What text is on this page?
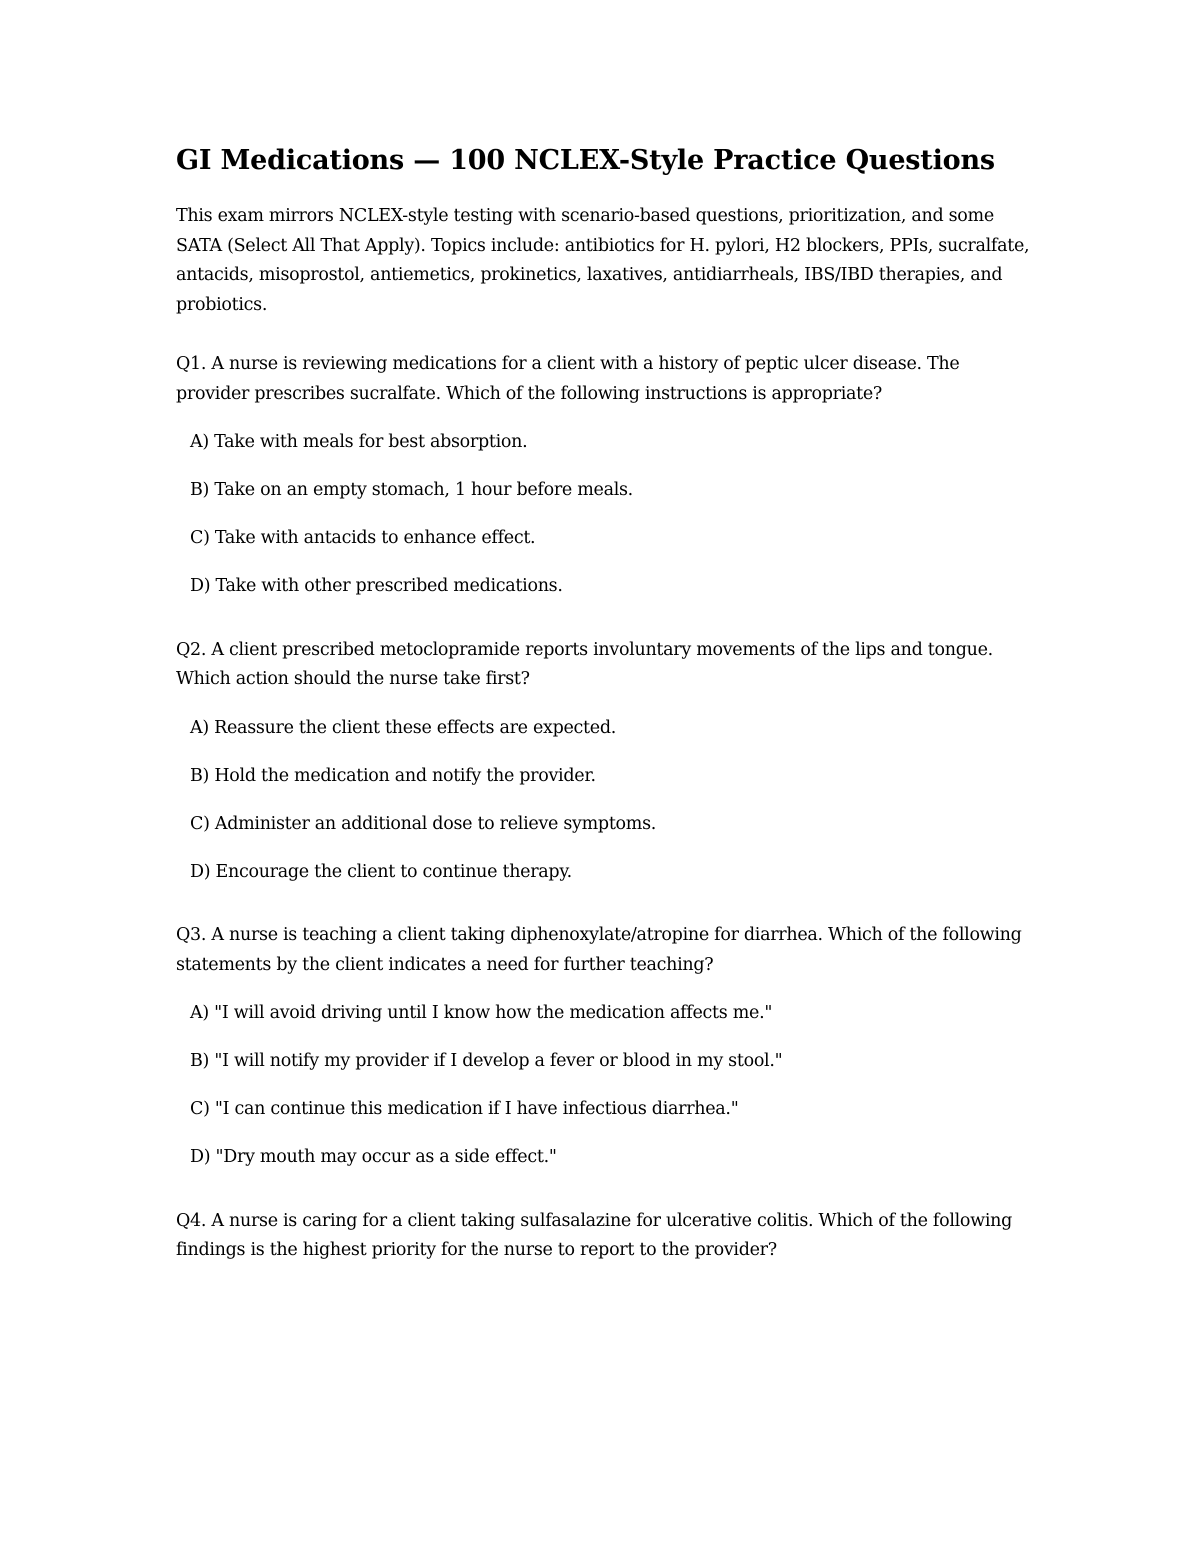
GI Medications — 100 NCLEX-Style Practice Questions

This exam mirrors NCLEX-style testing with scenario-based questions, prioritization, and some SATA (Select All That Apply). Topics include: antibiotics for H. pylori, H2 blockers, PPIs, sucralfate, antacids, misoprostol, antiemetics, prokinetics, laxatives, antidiarrheals, IBS/IBD therapies, and probiotics.

Q1. A nurse is reviewing medications for a client with a history of peptic ulcer disease. The provider prescribes sucralfate. Which of the following instructions is appropriate?

A) Take with meals for best absorption.
B) Take on an empty stomach, 1 hour before meals.
C) Take with antacids to enhance effect.
D) Take with other prescribed medications.

Q2. A client prescribed metoclopramide reports involuntary movements of the lips and tongue. Which action should the nurse take first?

A) Reassure the client these effects are expected.
B) Hold the medication and notify the provider.
C) Administer an additional dose to relieve symptoms.
D) Encourage the client to continue therapy.

Q3. A nurse is teaching a client taking diphenoxylate/atropine for diarrhea. Which of the following statements by the client indicates a need for further teaching?

A) "I will avoid driving until I know how the medication affects me."
B) "I will notify my provider if I develop a fever or blood in my stool."
C) "I can continue this medication if I have infectious diarrhea."
D) "Dry mouth may occur as a side effect."

Q4. A nurse is caring for a client taking sulfasalazine for ulcerative colitis. Which of the following findings is the highest priority for the nurse to report to the provider?
